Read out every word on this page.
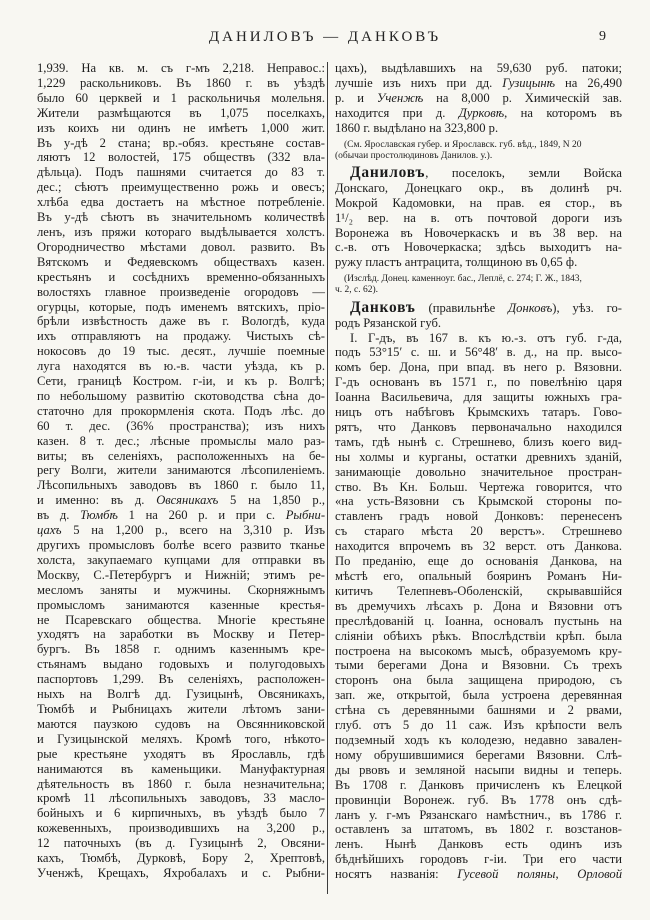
ДАНИЛОВЪ — ДАНКОВЪ	9
1,939. На кв. м. съ г-мъ 2,218. Неправос.:
1,229 раскольниковъ. Въ 1860 г. въ уѣздѣ
было 60 церквей и 1 раскольничья молельня.
Жители размѣщаются въ 1,075 поселкахъ,
изъ коихъ ни одинъ не имѣетъ 1,000 жит.
Въ у-дѣ 2 стана; вр.-обяз. крестьяне состав-
ляютъ 12 волостей, 175 обществъ (332 вла-
дѣльца). Подъ пашнями считается до 83 т.
дес.; сѣютъ преимущественно рожь и овесъ;
хлѣба едва достаетъ на мѣстное потребленіе.
Въ у-дѣ сѣютъ въ значительномъ количествѣ
ленъ, изъ пряжи котораго выдѣлывается холстъ.
Огородничество мѣстами довол. развито. Въ
Вятскомъ и Федяевскомъ обществахъ казен.
крестьянъ и сосѣднихъ временно-обязанныхъ
волостяхъ главное произведеніе огородовъ —
огурцы, которые, подъ именемъ вятскихъ, пріо-
брѣли извѣстность даже въ г. Вологдѣ, куда
ихъ отправляютъ на продажу. Чистыхъ сѣ-
нокосовъ до 19 тыс. десят., лучшіе поемные
луга находятся въ ю.-в. части уѣзда, къ р.
Сети, границѣ Костром. г-іи, и къ р. Волгѣ;
по небольшому развитію скотоводства сѣна до-
статочно для прокормленія скота. Подъ лѣс. до
60 т. дес. (36% пространства); изъ нихъ
казен. 8 т. дес.; лѣсные промыслы мало раз-
виты; въ селеніяхъ, расположенныхъ на бе-
регу Волги, жители занимаются лѣсопиленіемъ.
Лѣсопильныхъ заводовъ въ 1860 г. было 11,
и именно: въ д. Овсяникахъ 5 на 1,850 р.,
въ д. Тюмбѣ 1 на 260 р. и при с. Рыбни-
цахъ 5 на 1,200 р., всего на 3,310 р. Изъ
другихъ промысловъ болѣе всего развито тканье
холста, закупаемаго купцами для отправки въ
Москву, С.-Петербургъ и Нижній; этимъ ре-
месломъ заняты и мужчины. Скорняжнымъ
промысломъ занимаются казенные крестья-
не Псаревскаго общества. Многіе крестьяне
уходятъ на заработки въ Москву и Петер-
бургъ. Въ 1858 г. однимъ казеннымъ кре-
стьянамъ выдано годовыхъ и полугодовыхъ
паспортовъ 1,299. Въ селеніяхъ, расположен-
ныхъ на Волгѣ дд. Гузицынѣ, Овсяникахъ,
Тюмбѣ и Рыбницахъ жители лѣтомъ зани-
маются паузкою судовъ на Овсянниковской
и Гузицынской меляхъ. Кромѣ того, нѣкото-
рые крестьяне уходятъ въ Ярославль, гдѣ
нанимаются въ каменьщики. Мануфактурная
дѣятельность въ 1860 г. была незначительна;
кромѣ 11 лѣсопильныхъ заводовъ, 33 масло-
бойныхъ и 6 кирпичныхъ, въ уѣздѣ было 7
кожевенныхъ, производившихъ на 3,200 р.,
12 паточныхъ (въ д. Гузицынѣ 2, Овсяни-
кахъ, Тюмбѣ, Дурковѣ, Бору 2, Хрептовѣ,
Ученжѣ, Крещахъ, Яхробалахъ и с. Рыбни-
цахъ), выдѣлавшихъ на 59,630 руб. патоки;
лучшіе изъ нихъ при дд. Гузицынѣ на 26,490
р. и Ученжѣ на 8,000 р. Химическій зав.
находится при д. Дурковѣ, на которомъ въ
1860 г. выдѣлано на 323,800 р.
(См. Ярославская губер. и Ярославск. губ. вѣд., 1849, N 20
(обычаи простолюдиновъ Данилов. у.).
Даниловъ, поселокъ, земли Войска
Донскаго, Донецкаго окр., въ долинѣ рч.
Мокрой Кадомовки, на прав. ея стор., въ
1¹/₂ вер. на в. отъ почтовой дороги изъ
Воронежа въ Новочеркаскъ и въ 38 вер. на
с.-в. отъ Новочеркаска; здѣсь выходитъ на-
ружу пластъ антрацита, толщиною въ 0,65 ф.
(Изслѣд. Донец. каменноуг. бас., Леплё, с. 274; Г. Ж., 1843,
ч. 2, с. 62).
Данковъ (правильнѣе Донковъ), уѣз. го-
родъ Рязанской губ.
I. Г-дъ, въ 167 в. къ ю.-з. отъ губ. г-да,
подъ 53°15′ с. ш. и 56°48′ в. д., на пр. высо-
комъ бер. Дона, при впад. въ него р. Вязовни.
Г-дъ основанъ въ 1571 г., по повелѣнію царя
Іоанна Васильевича, для защиты южныхъ гра-
ницъ отъ набѣговъ Крымскихъ татаръ. Гово-
рятъ, что Данковъ первоначально находился
тамъ, гдѣ нынѣ с. Стрешнево, близъ коего вид-
ны холмы и курганы, остатки древнихъ зданій,
занимающіе довольно значительное простран-
ство. Въ Кн. Больш. Чертежа говорится, что
«на усть-Вязовни съ Крымской стороны по-
ставленъ градъ новой Донковъ: перенесенъ
съ стараго мѣста 20 верстъ». Стрешнево
находится впрочемъ въ 32 верст. отъ Данкова.
По преданію, еще до основанія Данкова, на
мѣстѣ его, опальный бояринъ Романъ Ни-
китичъ Телепневъ-Оболенскій, скрывавшійся
въ дремучихъ лѣсахъ р. Дона и Вязовни отъ
преслѣдованій ц. Іоанна, основалъ пустынь на
сліяніи обѣихъ рѣкъ. Впослѣдствіи крѣп. была
построена на высокомъ мысѣ, образуемомъ кру-
тыми берегами Дона и Вязовни. Съ трехъ
сторонъ она была защищена природою, съ
зап. же, открытой, была устроена деревянная
стѣна съ деревянными башнями и 2 рвами,
глуб. отъ 5 до 11 саж. Изъ крѣпости велъ
подземный ходъ къ колодезю, недавно завален-
ному обрушившимися берегами Вязовни. Слѣ-
ды рвовъ и земляной насыпи видны и теперь.
Въ 1708 г. Данковъ причисленъ къ Елецкой
провинціи Воронеж. губ. Въ 1778 онъ сдѣ-
ланъ у. г-мъ Рязанскаго намѣстнич., въ 1786 г.
оставленъ за штатомъ, въ 1802 г. возстанов-
ленъ. Нынѣ Данковъ есть одинъ изъ
бѣднѣйшихъ городовъ г-іи. Три его части
носятъ названія: Гусевой поляны, Орловой
